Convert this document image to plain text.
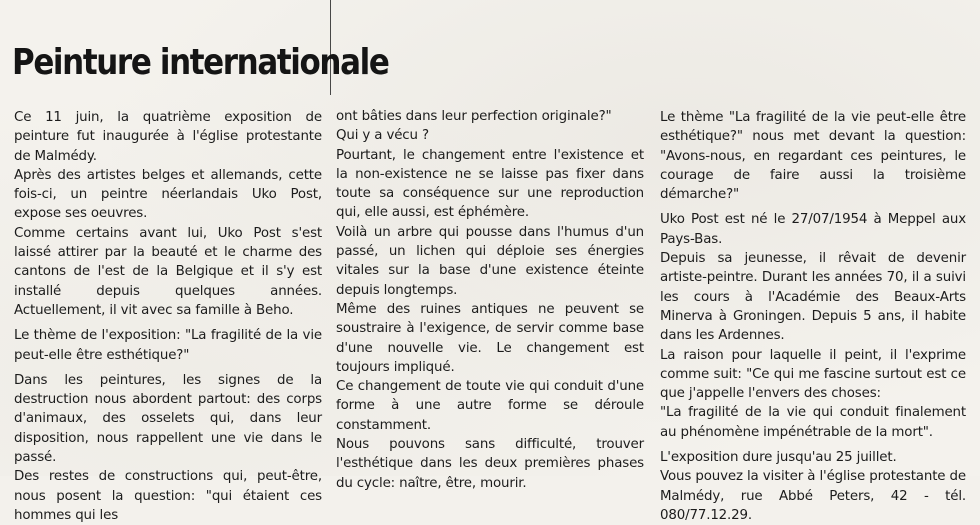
Peinture internationale

Ce 11 juin, la quatrième exposition de peinture fut inaugurée à l'église protestante de Malmédy.

Après des artistes belges et allemands, cette fois-ci, un peintre néerlandais Uko Post, expose ses oeuvres.

Comme certains avant lui, Uko Post s'est laissé attirer par la beauté et le charme des cantons de l'est de la Belgique et il s'y est installé depuis quelques années. Actuellement, il vit avec sa famille à Beho.

Le thème de l'exposition: "La fragilité de la vie peut-elle être esthétique?"

Dans les peintures, les signes de la destruction nous abordent partout: des corps d'animaux, des osselets qui, dans leur disposition, nous rappellent une vie dans le passé.

Des restes de constructions qui, peut-être, nous posent la question: "qui étaient ces hommes qui les

ont bâties dans leur perfection originale?"

Qui y a vécu ?

Pourtant, le changement entre l'existence et la non-existence ne se laisse pas fixer dans toute sa conséquence sur une reproduction qui, elle aussi, est éphémère.

Voilà un arbre qui pousse dans l'humus d'un passé, un lichen qui déploie ses énergies vitales sur la base d'une existence éteinte depuis longtemps.

Même des ruines antiques ne peuvent se soustraire à l'exigence, de servir comme base d'une nouvelle vie. Le changement est toujours impliqué.

Ce changement de toute vie qui conduit d'une forme à une autre forme se déroule constamment.

Nous pouvons sans difficulté, trouver l'esthétique dans les deux premières phases du cycle: naître, être, mourir.

Le thème "La fragilité de la vie peut-elle être esthétique?" nous met devant la question: "Avons-nous, en regardant ces peintures, le courage de faire aussi la troisième démarche?"

Uko Post est né le 27/07/1954 à Meppel aux Pays-Bas.

Depuis sa jeunesse, il rêvait de devenir artiste-peintre. Durant les années 70, il a suivi les cours à l'Académie des Beaux-Arts Minerva à Groningen. Depuis 5 ans, il habite dans les Ardennes.

La raison pour laquelle il peint, il l'exprime comme suit: "Ce qui me fascine surtout est ce que j'appelle l'envers des choses:

"La fragilité de la vie qui conduit finalement au phénomène impénétrable de la mort".

L'exposition dure jusqu'au 25 juillet.

Vous pouvez la visiter à l'église protestante de Malmédy, rue Abbé Peters, 42 - tél. 080/77.12.29.
